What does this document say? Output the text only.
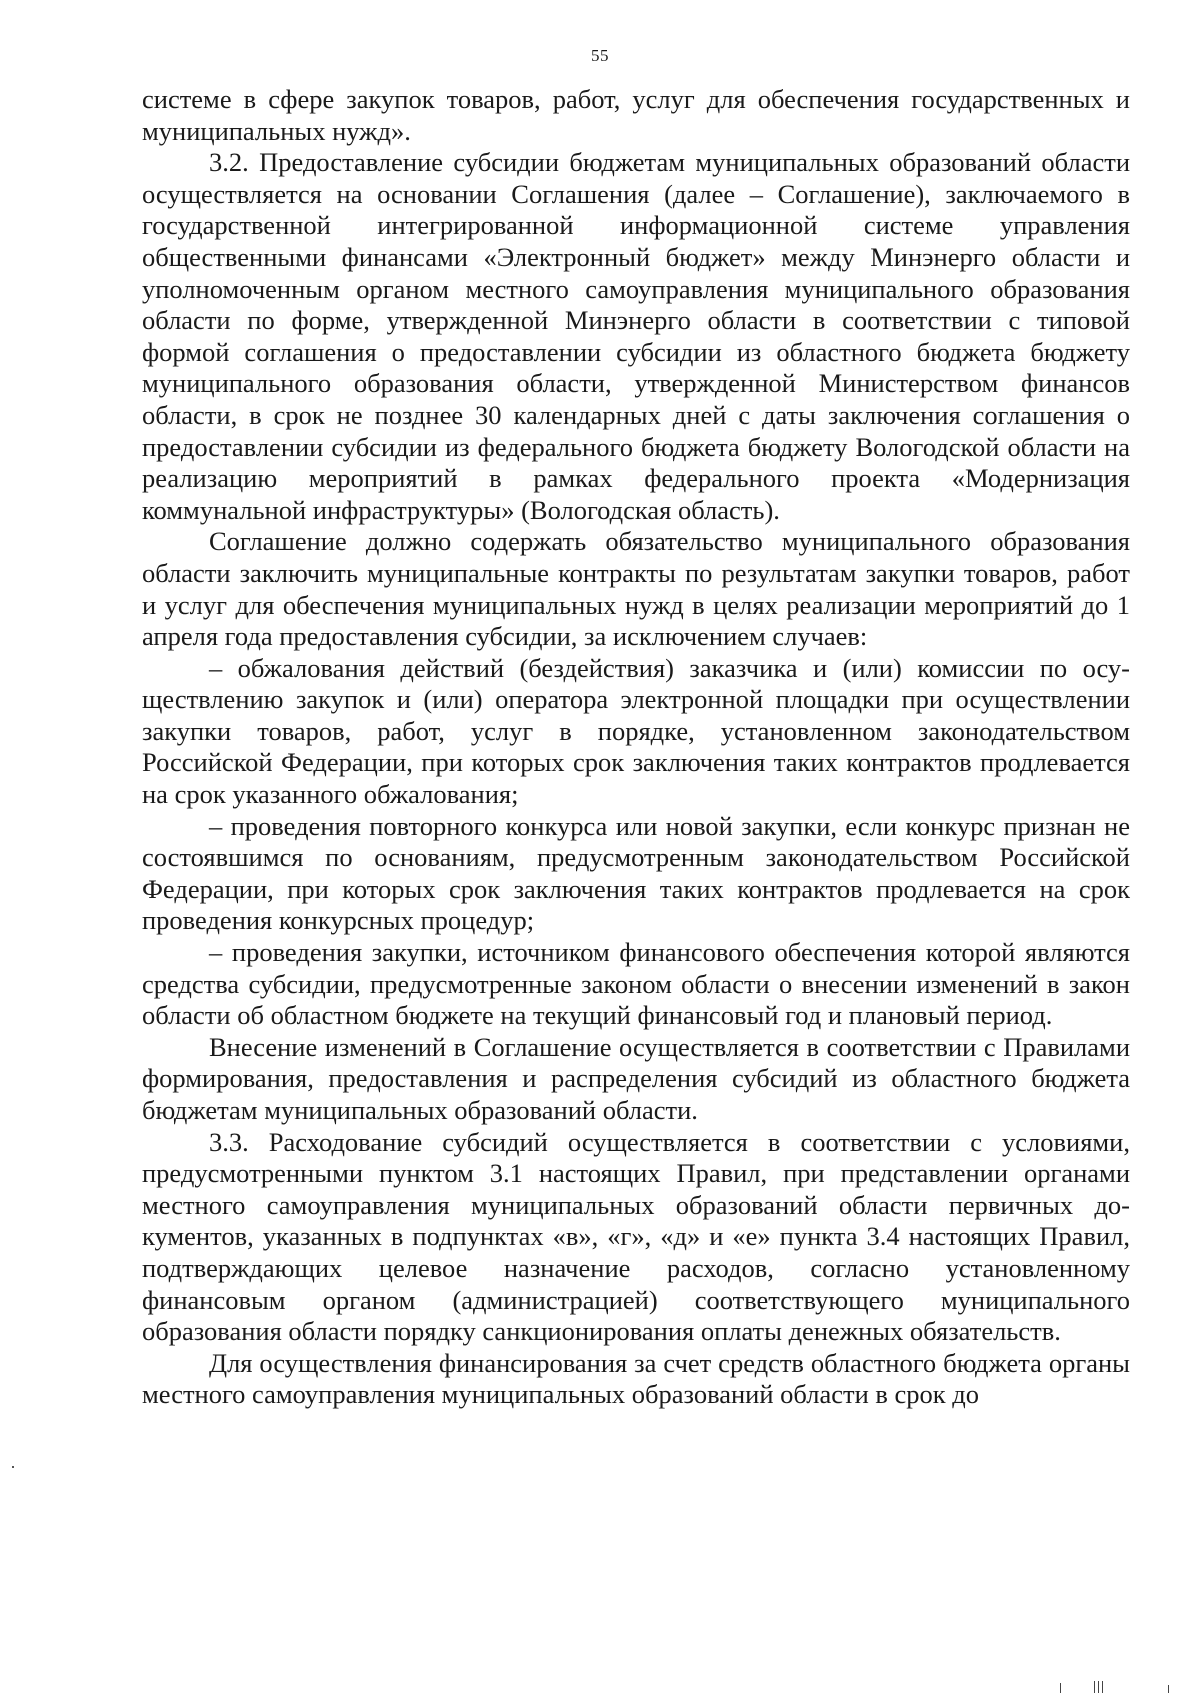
55

системе в сфере закупок товаров, работ, услуг для обеспечения государственных и муниципальных нужд».

3.2. Предоставление субсидии бюджетам муниципальных образований области осуществляется на основании Соглашения (далее – Соглашение), заключаемого в государственной интегрированной информационной системе управления общественными финансами «Электронный бюджет» между Минэнерго области и уполномоченным органом местного самоуправления муниципального образования области по форме, утвержденной Минэнерго области в соответствии с типовой формой соглашения о предоставлении субсидии из областного бюджета бюджету муниципального образования области, утвержденной Министерством финансов области, в срок не позднее 30 календарных дней с даты заключения соглашения о предоставлении субсидии из федерального бюджета бюджету Вологодской области на реализацию мероприятий в рамках федерального проекта «Модернизация коммунальной инфраструктуры» (Вологодская область).

Соглашение должно содержать обязательство муниципального образования области заключить муниципальные контракты по результатам закупки товаров, работ и услуг для обеспечения муниципальных нужд в целях реализации мероприятий до 1 апреля года предоставления субсидии, за исключением случаев:

– обжалования действий (бездействия) заказчика и (или) комиссии по осуществлению закупок и (или) оператора электронной площадки при осуществлении закупки товаров, работ, услуг в порядке, установленном законодательством Российской Федерации, при которых срок заключения таких контрактов продлевается на срок указанного обжалования;

– проведения повторного конкурса или новой закупки, если конкурс признан не состоявшимся по основаниям, предусмотренным законодательством Российской Федерации, при которых срок заключения таких контрактов продлевается на срок проведения конкурсных процедур;

– проведения закупки, источником финансового обеспечения которой являются средства субсидии, предусмотренные законом области о внесении изменений в закон области об областном бюджете на текущий финансовый год и плановый период.

Внесение изменений в Соглашение осуществляется в соответствии с Правилами формирования, предоставления и распределения субсидий из областного бюджета бюджетам муниципальных образований области.

3.3. Расходование субсидий осуществляется в соответствии с условиями, предусмотренными пунктом 3.1 настоящих Правил, при представлении органами местного самоуправления муниципальных образований области первичных документов, указанных в подпунктах «в», «г», «д» и «е» пункта 3.4 настоящих Правил, подтверждающих целевое назначение расходов, согласно установленному финансовым органом (администрацией) соответствующего муниципального образования области порядку санкционирования оплаты денежных обязательств.

Для осуществления финансирования за счет средств областного бюджета органы местного самоуправления муниципальных образований области в срок до
